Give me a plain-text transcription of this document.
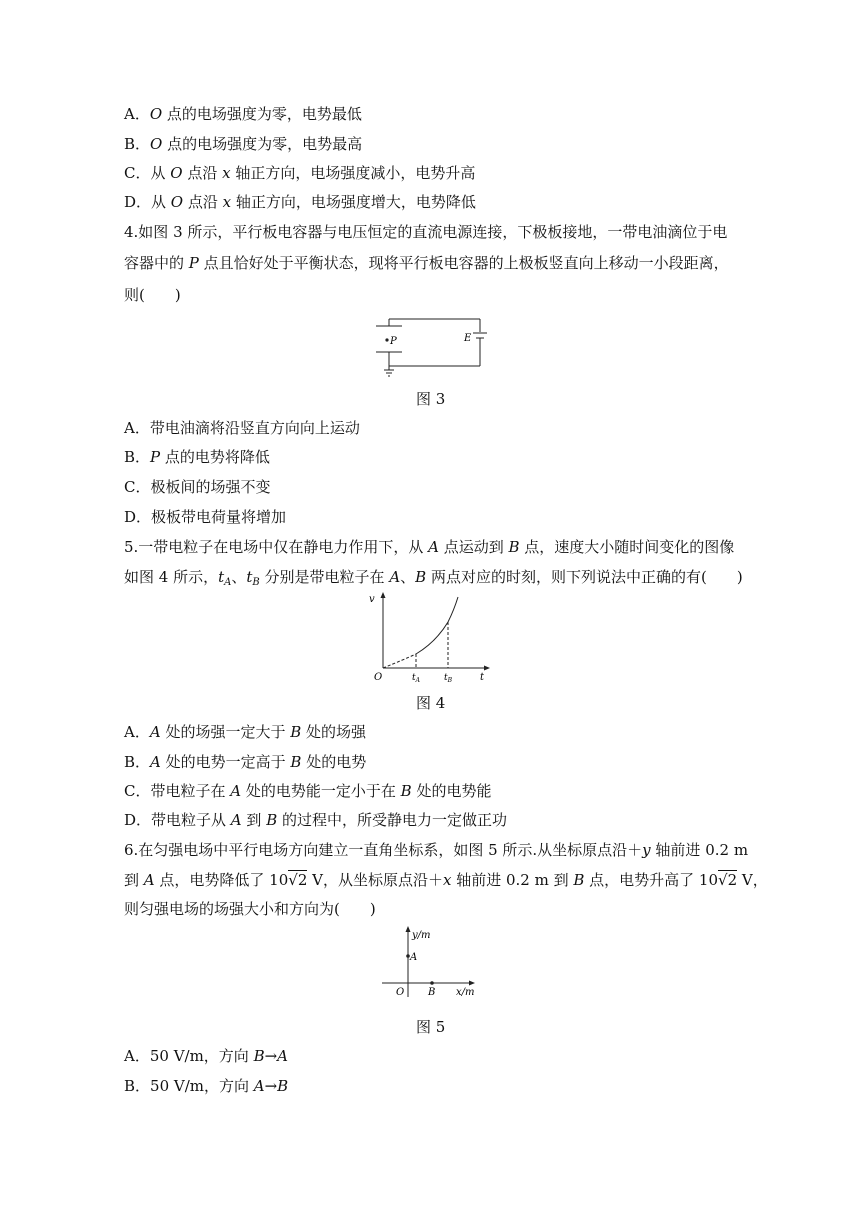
A．O 点的电场强度为零，电势最低
B．O 点的电场强度为零，电势最高
C．从 O 点沿 x 轴正方向，电场强度减小，电势升高
D．从 O 点沿 x 轴正方向，电场强度增大，电势降低
4.如图 3 所示，平行板电容器与电压恒定的直流电源连接，下极板接地，一带电油滴位于电
容器中的 P 点且恰好处于平衡状态，现将平行板电容器的上极板竖直向上移动一小段距离，
则(　　)
P	E
图 3
A．带电油滴将沿竖直方向向上运动
B．P 点的电势将降低
C．极板间的场强不变
D．极板带电荷量将增加
5.一带电粒子在电场中仅在静电力作用下，从 A 点运动到 B 点，速度大小随时间变化的图像
如图 4 所示，$t_A$、$t_B$ 分别是带电粒子在 A、B 两点对应的时刻，则下列说法中正确的有(　　)
v
t
O	$t_A$	$t_B$
图 4
A．A 处的场强一定大于 B 处的场强
B．A 处的电势一定高于 B 处的电势
C．带电粒子在 A 处的电势能一定小于在 B 处的电势能
D．带电粒子从 A 到 B 的过程中，所受静电力一定做正功
6.在匀强电场中平行电场方向建立一直角坐标系，如图 5 所示.从坐标原点沿＋y 轴前进 0.2 m
到 A 点，电势降低了 10√2 V，从坐标原点沿＋x 轴前进 0.2 m 到 B 点，电势升高了 10√2 V，
则匀强电场的场强大小和方向为(　　)
y/m
x/m
O
A
B
图 5
A．50 V/m，方向 B→A
B．50 V/m，方向 A→B
